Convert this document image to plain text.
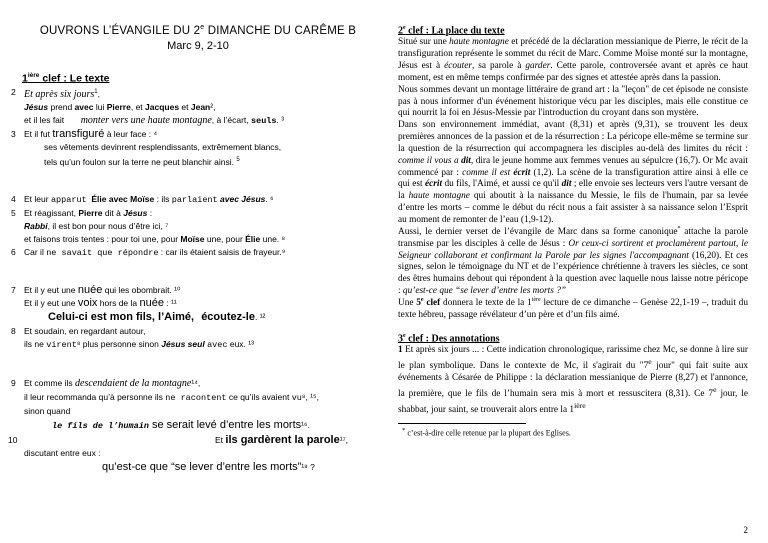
OUVRONS L’ÉVANGILE DU 2e DIMANCHE DU CARÊME B
Marc 9, 2-10
$1^{ière}$ clef : Le texte
2 Et après six jours$^1$,
Jésus prend avec lui Pierre, et Jacques et Jean²,
et il les fait monter vers une haute montagne, à l’écart, seuls. ³
3 Et il fut transfiguré à leur face : ⁴
ses vêtements devinrent resplendissants, extrêmement blancs,
tels qu’un foulon sur la terre ne peut blanchir ainsi. $^5$
4 Et leur apparut Élie avec Moïse : ils parlaient avec Jésus. ⁶
5 Et réagissant, Pierre dit à Jésus :
Rabbi, il est bon pour nous d’être ici, ⁷
et faisons trois tentes : pour toi une, pour Moïse une, pour Élie une. ⁸
6 Car il ne savait que répondre : car ils étaient saisis de frayeur.⁹
7 Et il y eut une nuée qui les obombrait. ¹⁰
Et il y eut une voix hors de la nuée : ¹¹
Celui-ci est mon fils, l’Aimé, écoutez-le. ¹²
8 Et soudain, en regardant autour,
ils ne virent⁸ plus personne sinon Jésus seul avec eux. ¹³
9 Et comme ils descendaient de la montagne¹⁴,
il leur recommanda qu’à personne ils ne racontent ce qu’ils avaient vu⁸, ¹⁵,
sinon quand
le fils de l’humain se serait levé d’entre les morts¹⁶.
10	Et ils gardèrent la parole¹⁷,
discutant entre eux :
qu’est-ce que “se lever d’entre les morts”¹⁸ ?
2e clef : La place du texte
Situé sur une haute montagne et précédé de la déclaration messianique de Pierre, le récit de la transfiguration représente le sommet du récit de Marc. Comme Moïse monté sur la montagne, Jésus est à écouter, sa parole à garder. Cette parole, controversée avant et après ce haut moment, est en même temps confirmée par des signes et attestée après dans la passion.
Nous sommes devant un montage littéraire de grand art : la "leçon" de cet épisode ne consiste pas à nous informer d'un événement historique vécu par les disciples, mais elle constitue ce qui nourrit la foi en Jésus-Messie par l'introduction du croyant dans son mystère.
Dans son environnement immédiat, avant (8,31) et après (9,31), se trouvent les deux premières annonces de la passion et de la résurrection : La péricope elle-même se termine sur la question de la résurrection qui accompagnera les disciples au-delà des limites du récit : comme il vous a dit, dira le jeune homme aux femmes venues au sépulcre (16,7). Or Mc avait commencé par : comme il est écrit (1,2). La scène de la transfiguration attire ainsi à elle ce qui est écrit du fils, l'Aimé, et aussi ce qu'il dit ; elle envoie ses lecteurs vers l'autre versant de la haute montagne qui aboutit à la naissance du Messie, le fils de l'humain, par sa levée d’entre les morts – comme le début du récit nous a fait assister à sa naissance selon l’Esprit au moment de remonter de l’eau (1,9-12).
Aussi, le dernier verset de l’évangile de Marc dans sa forme canonique* attache la parole transmise par les disciples à celle de Jésus : Or ceux-ci sortirent et proclamèrent partout, le Seigneur collaborant et confirmant la Parole par les signes l'accompagnant (16,20). Et ces signes, selon le témoignage du NT et de l’expérience chrétienne à travers les siècles, ce sont des êtres humains debout qui répondent à la question avec laquelle nous laisse notre péricope : qu’est-ce que “se lever d’entre les morts ?”
Une 5e clef donnera le texte de la $1^{ière}$ lecture de ce dimanche – Genèse 22,1-19 –, traduit du texte hébreu, passage révélateur d’un père et d’un fils aimé.
3e clef : Des annotations
1 Et après six jours ... : Cette indication chronologique, rarissime chez Mc, se donne à lire sur le plan symbolique. Dans le contexte de Mc, il s'agirait du "7e jour" qui fait suite aux événements à Césarée de Philippe : la déclaration messianique de Pierre (8,27) et l'annonce, la première, que le fils de l’humain sera mis à mort et ressuscitera (8,31). Ce 7e jour, le shabbat, jour saint, se trouverait alors entre la $1^{ière}$
* c’est-à-dire celle retenue par la plupart des Eglises.
2
